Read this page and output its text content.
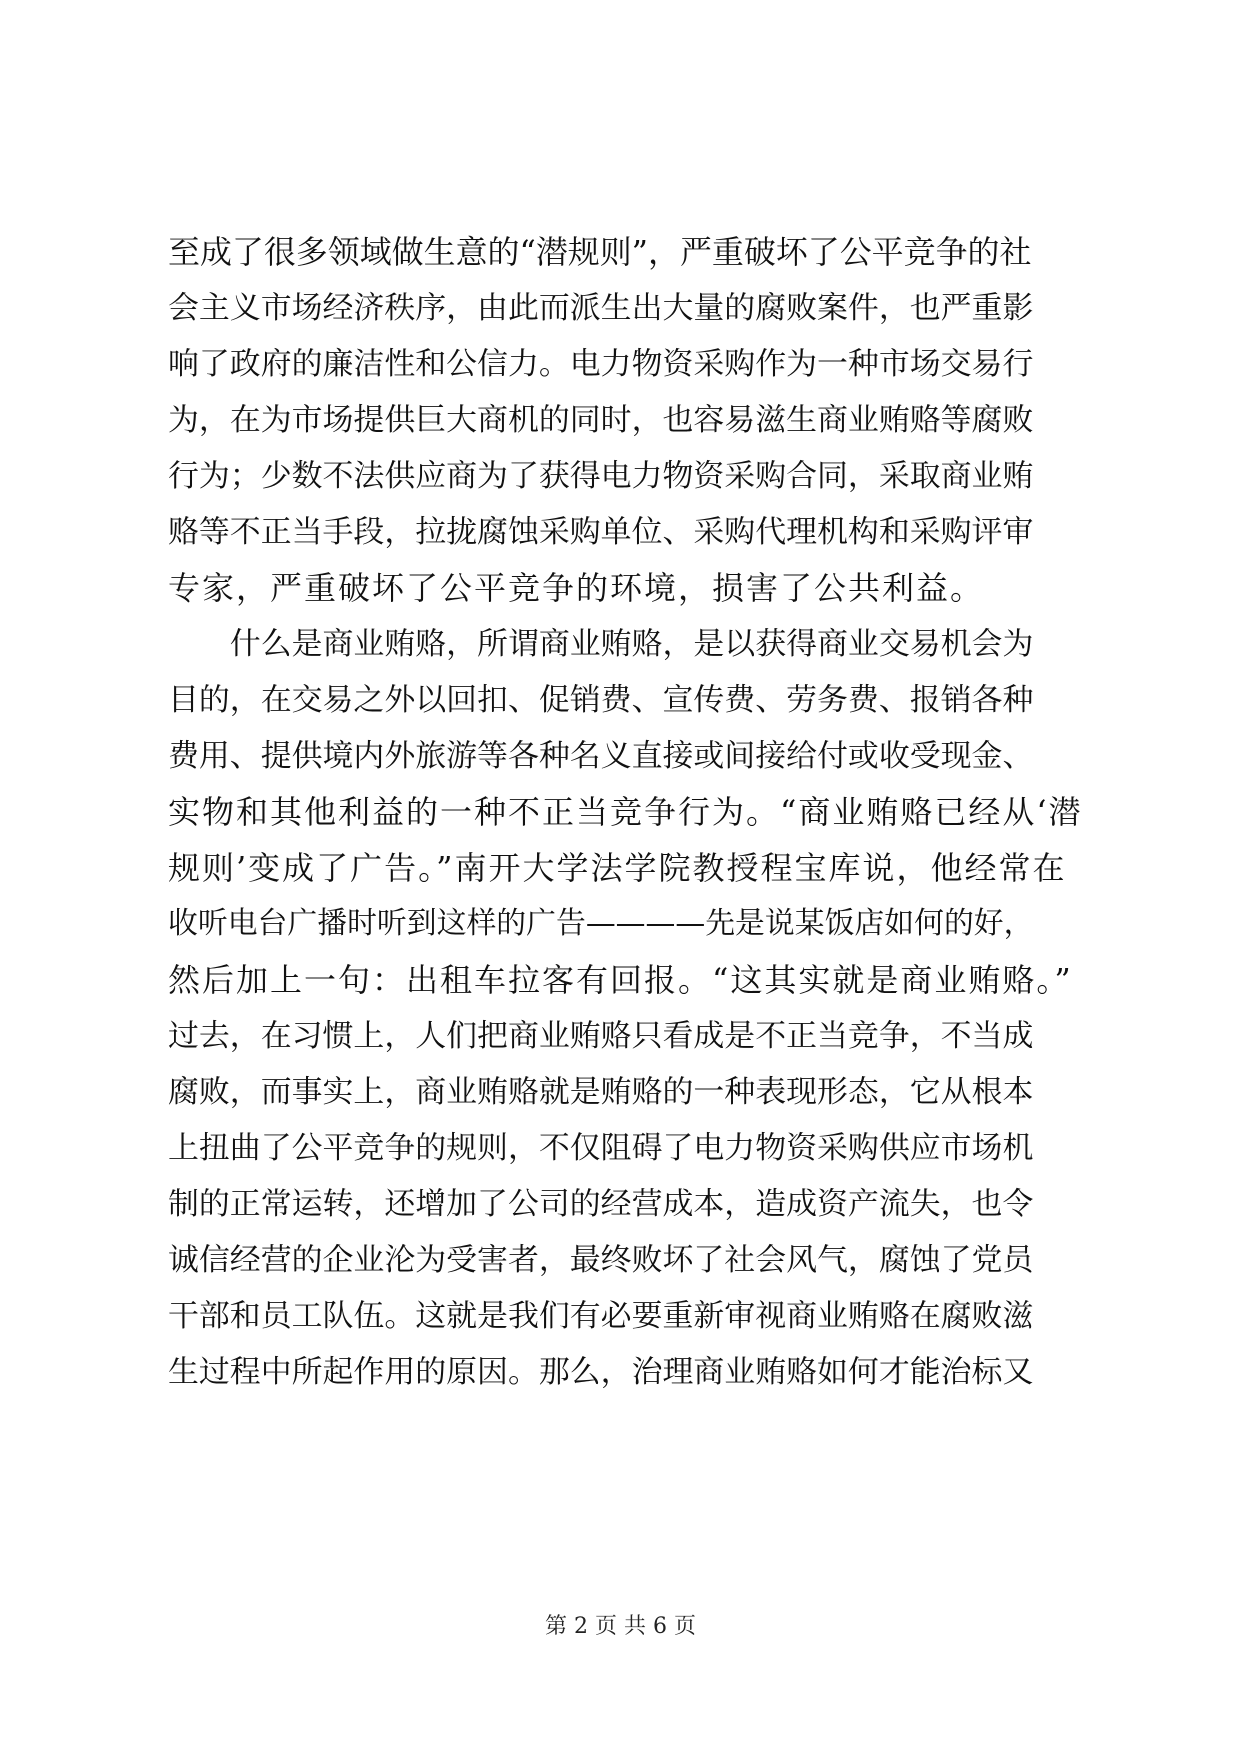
至成了很多领域做生意的“潜规则”，严重破坏了公平竞争的社
会主义市场经济秩序，由此而派生出大量的腐败案件，也严重影
响了政府的廉洁性和公信力。电力物资采购作为一种市场交易行
为，在为市场提供巨大商机的同时，也容易滋生商业贿赂等腐败
行为；少数不法供应商为了获得电力物资采购合同，采取商业贿
赂等不正当手段，拉拢腐蚀采购单位、采购代理机构和采购评审
专家，严重破坏了公平竞争的环境，损害了公共利益。
　　什么是商业贿赂，所谓商业贿赂，是以获得商业交易机会为
目的，在交易之外以回扣、促销费、宣传费、劳务费、报销各种
费用、提供境内外旅游等各种名义直接或间接给付或收受现金、
实物和其他利益的一种不正当竞争行为。“商业贿赂已经从‘潜
规则’变成了广告。”南开大学法学院教授程宝库说，他经常在
收听电台广播时听到这样的广告————先是说某饭店如何的好，
然后加上一句：出租车拉客有回报。“这其实就是商业贿赂。”
过去，在习惯上，人们把商业贿赂只看成是不正当竞争，不当成
腐败，而事实上，商业贿赂就是贿赂的一种表现形态，它从根本
上扭曲了公平竞争的规则，不仅阻碍了电力物资采购供应市场机
制的正常运转，还增加了公司的经营成本，造成资产流失，也令
诚信经营的企业沦为受害者，最终败坏了社会风气，腐蚀了党员
干部和员工队伍。这就是我们有必要重新审视商业贿赂在腐败滋
生过程中所起作用的原因。那么，治理商业贿赂如何才能治标又
第 2 页 共 6 页
